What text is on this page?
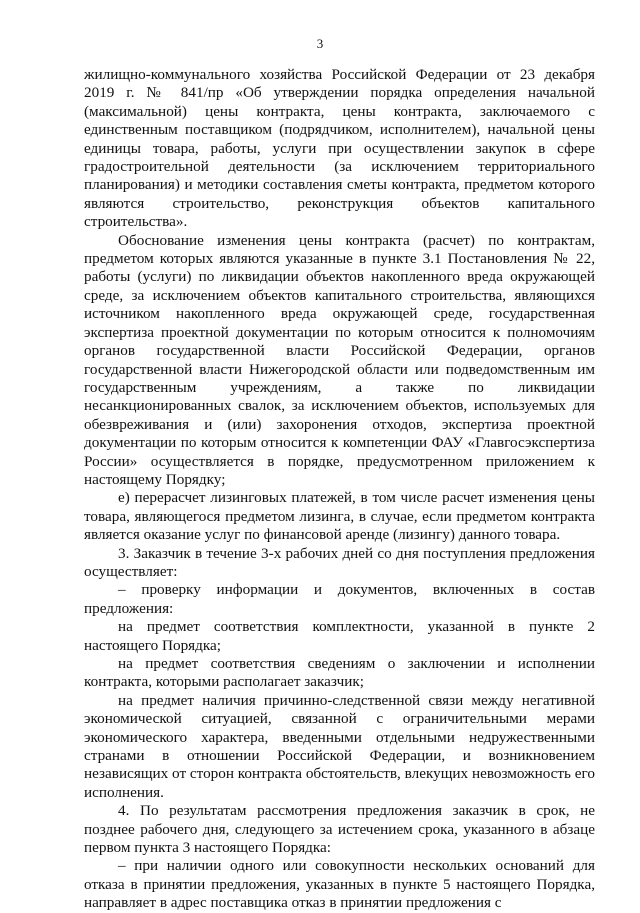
3

жилищно-коммунального хозяйства Российской Федерации от 23 декабря 2019 г. № 841/пр «Об утверждении порядка определения начальной (максимальной) цены контракта, цены контракта, заключаемого с единственным поставщиком (подрядчиком, исполнителем), начальной цены единицы товара, работы, услуги при осуществлении закупок в сфере градостроительной деятельности (за исключением территориального планирования) и методики составления сметы контракта, предметом которого являются строительство, реконструкция объектов капитального строительства».

Обоснование изменения цены контракта (расчет) по контрактам, предметом которых являются указанные в пункте 3.1 Постановления № 22, работы (услуги) по ликвидации объектов накопленного вреда окружающей среде, за исключением объектов капитального строительства, являющихся источником накопленного вреда окружающей среде, государственная экспертиза проектной документации по которым относится к полномочиям органов государственной власти Российской Федерации, органов государственной власти Нижегородской области или подведомственным им государственным учреждениям, а также по ликвидации несанкционированных свалок, за исключением объектов, используемых для обезвреживания и (или) захоронения отходов, экспертиза проектной документации по которым относится к компетенции ФАУ «Главгосэкспертиза России» осуществляется в порядке, предусмотренном приложением к настоящему Порядку;

е) перерасчет лизинговых платежей, в том числе расчет изменения цены товара, являющегося предметом лизинга, в случае, если предметом контракта является оказание услуг по финансовой аренде (лизингу) данного товара.

3. Заказчик в течение 3-х рабочих дней со дня поступления предложения осуществляет:

– проверку информации и документов, включенных в состав предложения:

на предмет соответствия комплектности, указанной в пункте 2 настоящего Порядка;

на предмет соответствия сведениям о заключении и исполнении контракта, которыми располагает заказчик;

на предмет наличия причинно-следственной связи между негативной экономической ситуацией, связанной с ограничительными мерами экономического характера, введенными отдельными недружественными странами в отношении Российской Федерации, и возникновением независящих от сторон контракта обстоятельств, влекущих невозможность его исполнения.

4. По результатам рассмотрения предложения заказчик в срок, не позднее рабочего дня, следующего за истечением срока, указанного в абзаце первом пункта 3 настоящего Порядка:

– при наличии одного или совокупности нескольких оснований для отказа в принятии предложения, указанных в пункте 5 настоящего Порядка, направляет в адрес поставщика отказ в принятии предложения с
